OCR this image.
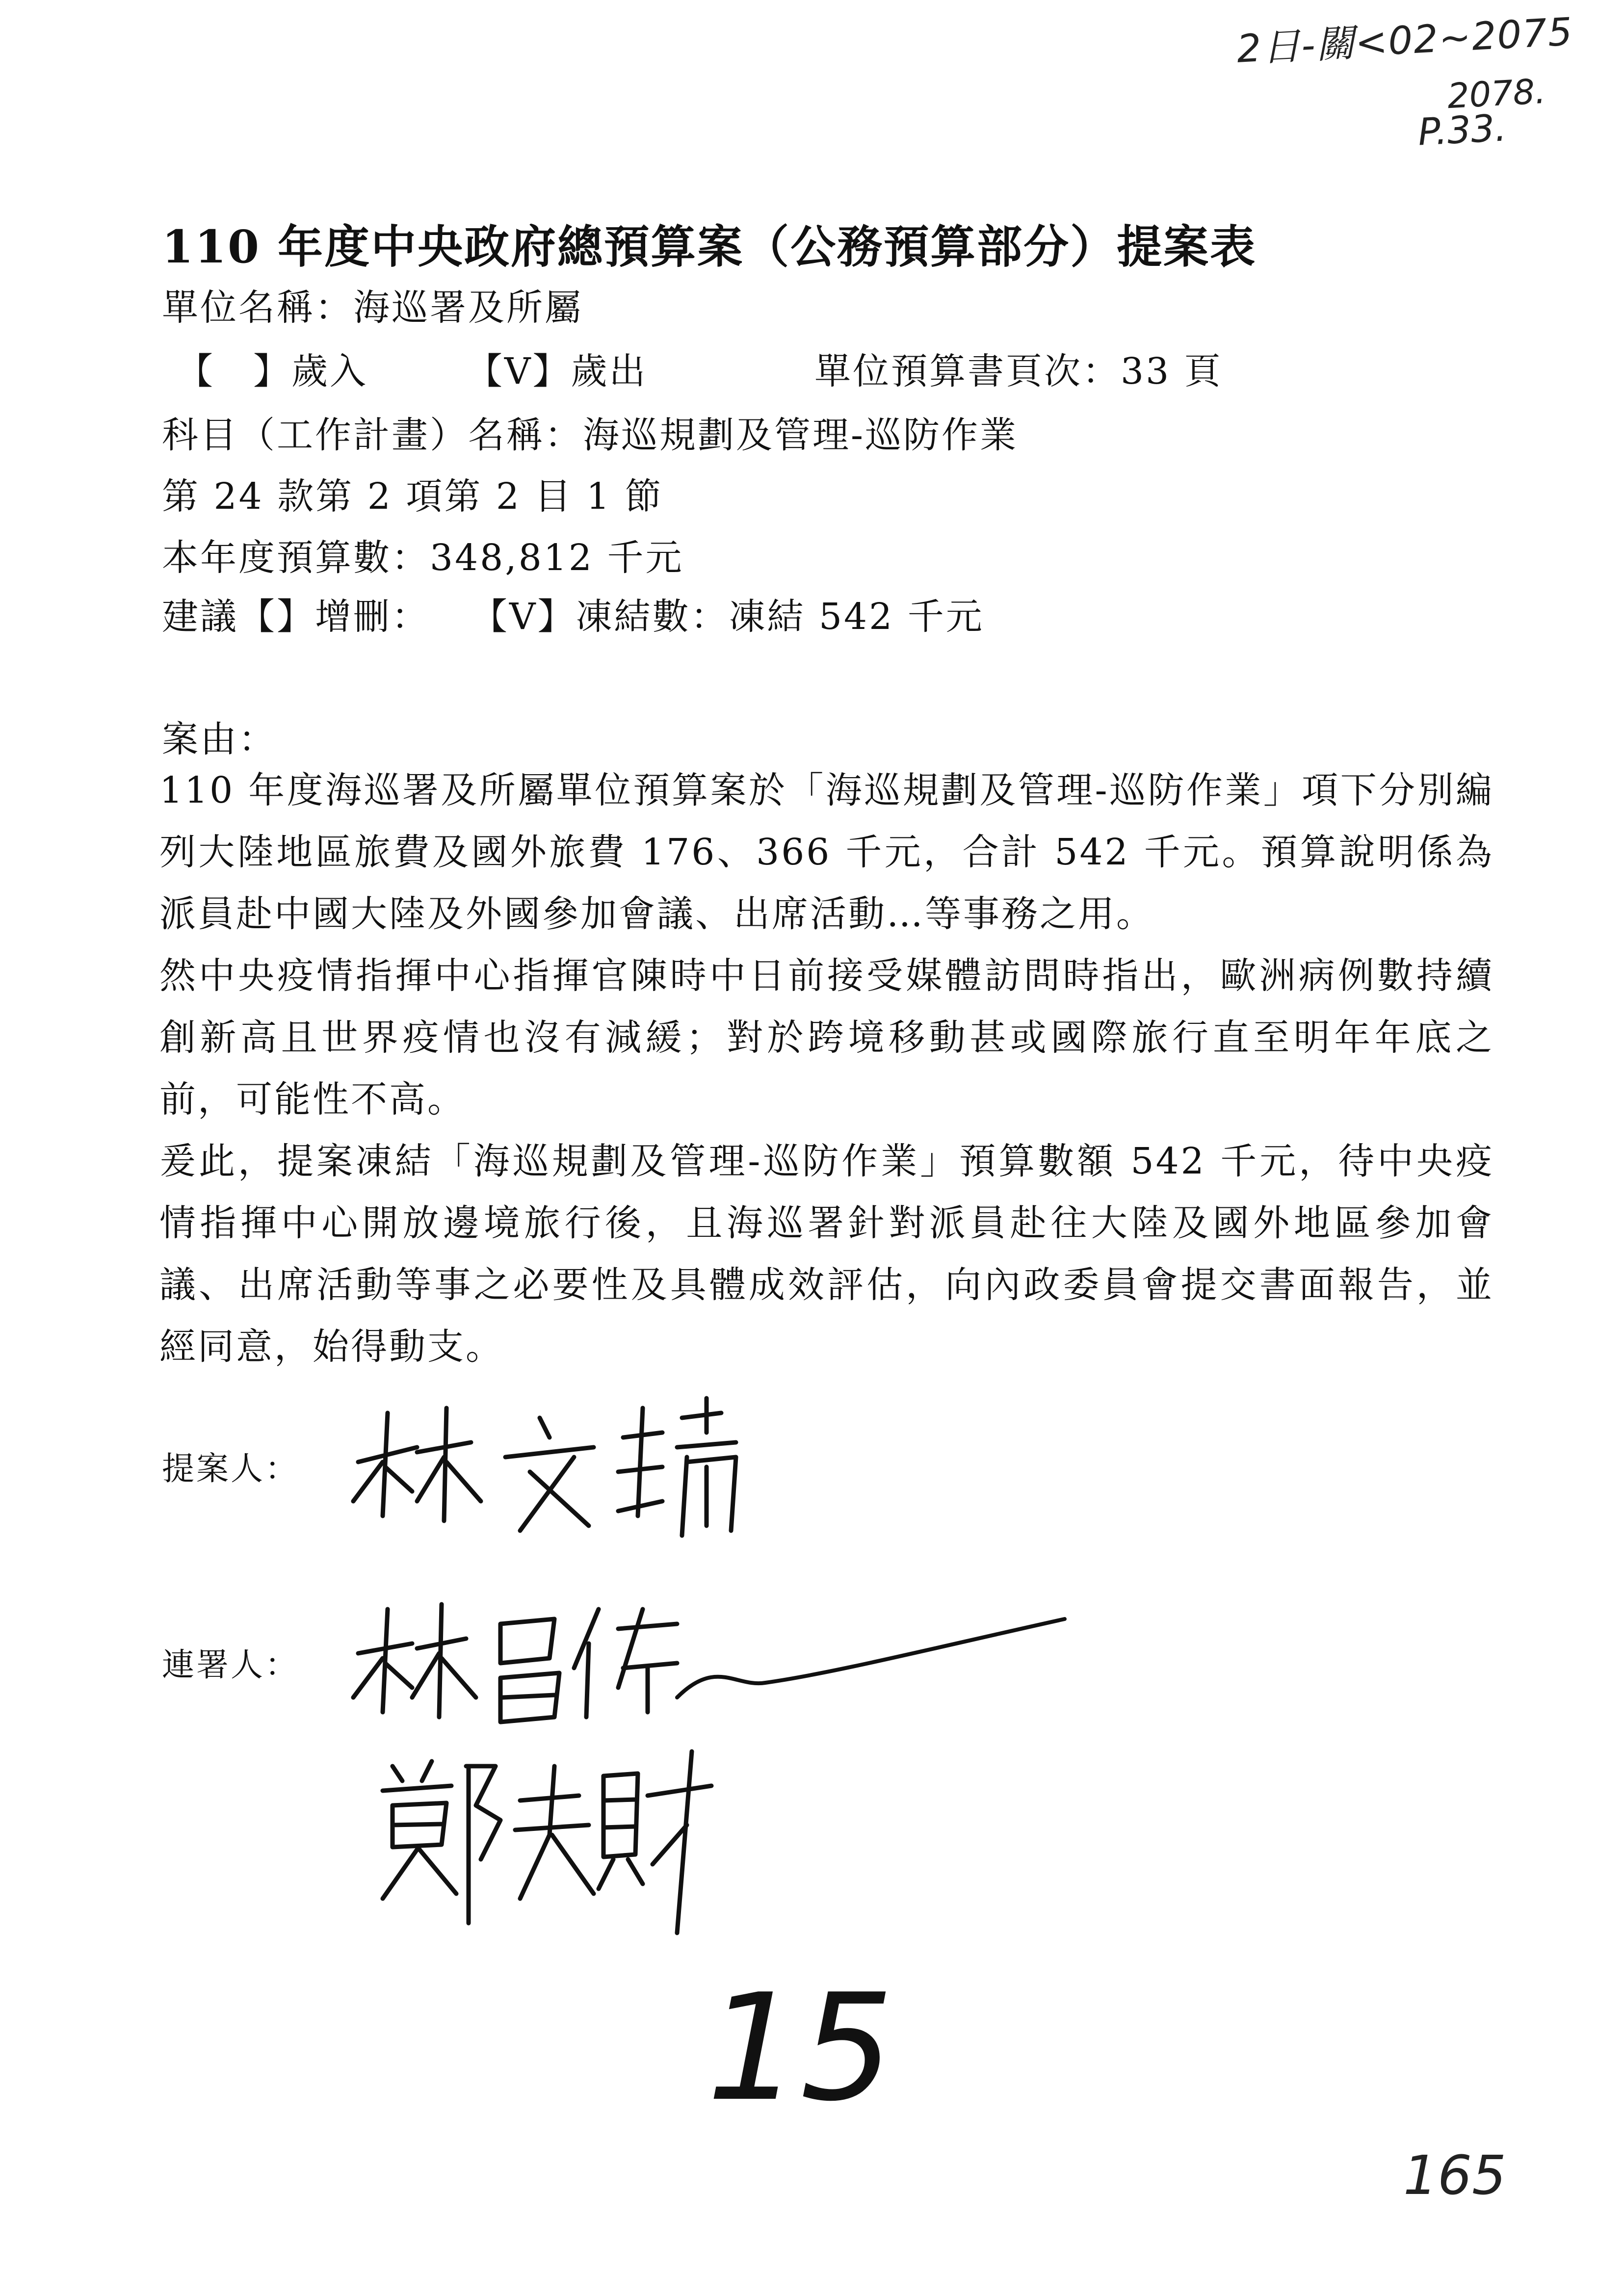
2日-關<02~2075
2078.
P.33.
110 年度中央政府總預算案（公務預算部分）提案表
單位名稱：海巡署及所屬
【　】歲入	【V】歲出	單位預算書頁次：33 頁
科目（工作計畫）名稱：海巡規劃及管理-巡防作業
第 24 款第 2 項第 2 目 1 節
本年度預算數：348,812 千元
建議【】增刪： 【V】凍結數：凍結 542 千元
案由：
110 年度海巡署及所屬單位預算案於「海巡規劃及管理-巡防作業」項下分別編列大陸地區旅費及國外旅費 176、366 千元，合計 542 千元。預算說明係為派員赴中國大陸及外國參加會議、出席活動…等事務之用。
然中央疫情指揮中心指揮官陳時中日前接受媒體訪問時指出，歐洲病例數持續創新高且世界疫情也沒有減緩；對於跨境移動甚或國際旅行直至明年年底之前，可能性不高。
爰此，提案凍結「海巡規劃及管理-巡防作業」預算數額 542 千元，待中央疫情指揮中心開放邊境旅行後，且海巡署針對派員赴往大陸及國外地區參加會議、出席活動等事之必要性及具體成效評估，向內政委員會提交書面報告，並經同意，始得動支。
提案人：
連署人：
15
165
